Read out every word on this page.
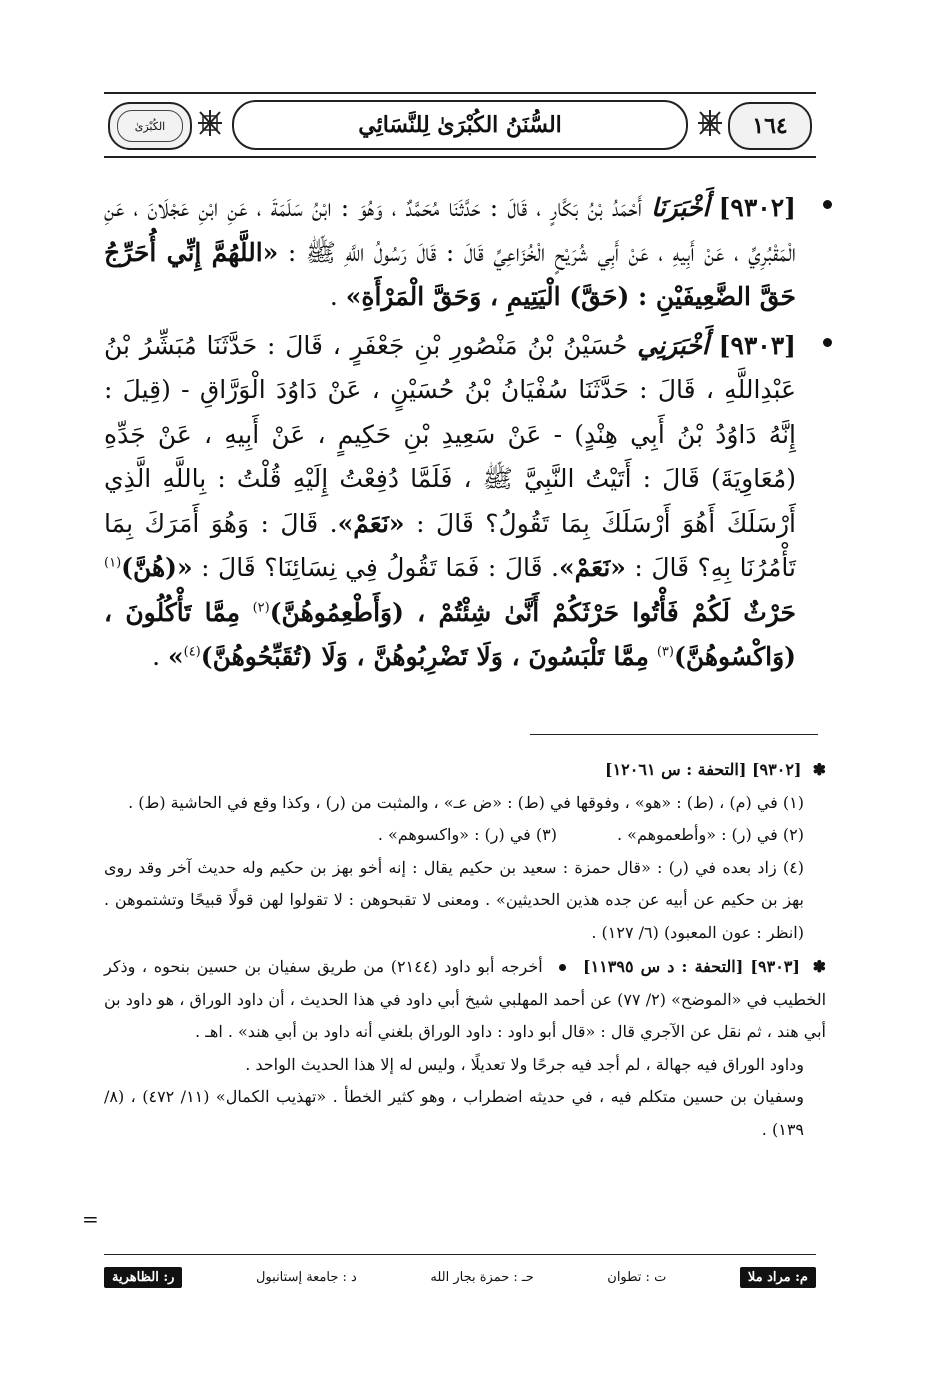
الكُبْرَىٰ	السُّنَنُ الكُبْرَىٰ لِلنَّسَائِي	١٦٤
[٩٣٠٢] أَخْبَرَنَا أَحْمَدُ بْنُ بَكَّارٍ ، قَالَ : حَدَّثَنَا مُحَمَّدٌ ، وَهُوَ : ابْنُ سَلَمَةَ ، عَنِ ابْنِ عَجْلَانَ ، عَنِ الْمَقْبُرِيِّ ، عَنْ أَبِيهِ ، عَنْ أَبِي شُرَيْحٍ الْخُزَاعِيِّ قَالَ : قَالَ رَسُولُ اللَّهِ ﷺ : «اللَّهُمَّ إِنِّي أُحَرِّجُ حَقَّ الضَّعِيفَيْنِ : (حَقَّ) الْيَتِيمِ ، وَحَقَّ الْمَرْأَةِ» .
[٩٣٠٣] أَخْبَرَنِي حُسَيْنُ بْنُ مَنْصُورِ بْنِ جَعْفَرٍ ، قَالَ : حَدَّثَنَا مُبَشِّرُ بْنُ عَبْدِاللَّهِ ، قَالَ : حَدَّثَنَا سُفْيَانُ بْنُ حُسَيْنٍ ، عَنْ دَاوُدَ الْوَرَّاقِ - (قِيلَ : إِنَّهُ دَاوُدُ بْنُ أَبِي هِنْدٍ) - عَنْ سَعِيدِ بْنِ حَكِيمٍ ، عَنْ أَبِيهِ ، عَنْ جَدِّهِ (مُعَاوِيَةَ) قَالَ : أَتَيْتُ النَّبِيَّ ﷺ ، فَلَمَّا دُفِعْتُ إِلَيْهِ قُلْتُ : بِاللَّهِ الَّذِي أَرْسَلَكَ أَهُوَ أَرْسَلَكَ بِمَا تَقُولُ؟ قَالَ : «نَعَمْ». قَالَ : وَهُوَ أَمَرَكَ بِمَا تَأْمُرُنَا بِهِ؟ قَالَ : «نَعَمْ». قَالَ : فَمَا تَقُولُ فِي نِسَائِنَا؟ قَالَ : «(هُنَّ)$^{(١)}$ حَرْثٌ لَكُمْ فَأْتُوا حَرْثَكُمْ أَنَّىٰ شِئْتُمْ ، (وَأَطْعِمُوهُنَّ)$^{(٢)}$ مِمَّا تَأْكُلُونَ ، (وَاكْسُوهُنَّ)$^{(٣)}$ مِمَّا تَلْبَسُونَ ، وَلَا تَضْرِبُوهُنَّ ، وَلَا (تُقَبِّحُوهُنَّ)$^{(٤)}$» .
✽ [٩٣٠٢] [التحفة : س ١٢٠٦١]
(١) في (م) ، (ط) : «هو» ، وفوقها في (ط) : «ض عـ» ، والمثبت من (ر) ، وكذا وقع في الحاشية (ط) .
(٢) في (ر) : «وأطعموهم» .
(٣) في (ر) : «واكسوهم» .
(٤) زاد بعده في (ر) : «قال حمزة : سعيد بن حكيم يقال : إنه أخو بهز بن حكيم وله حديث آخر وقد روى بهز بن حكيم عن أبيه عن جده هذين الحديثين» . ومعنى لا تقبحوهن : لا تقولوا لهن قولًا قبيحًا وتشتموهن . (انظر : عون المعبود) (٦/ ١٢٧) .
✽ [٩٣٠٣] [التحفة : د س ١١٣٩٥]  أخرجه أبو داود (٢١٤٤) من طريق سفيان بن حسين بنحوه ، وذكر الخطيب في «الموضح» (٢/ ٧٧) عن أحمد المهلبي شيخ أبي داود في هذا الحديث ، أن داود الوراق ، هو داود بن أبي هند ، ثم نقل عن الآجري قال : «قال أبو داود : داود الوراق بلغني أنه داود بن أبي هند» . اهـ .
وداود الوراق فيه جهالة ، لم أجد فيه جرحًا ولا تعديلًا ، وليس له إلا هذا الحديث الواحد .
وسفيان بن حسين متكلم فيه ، في حديثه اضطراب ، وهو كثير الخطأ . «تهذيب الكمال» (١١/ ٤٧٢) ، (٨/ ١٣٩) .
=
م: مراد ملا
ت : تطوان
حـ : حمزة بجار الله
د : جامعة إستانبول
ر: الظاهرية
